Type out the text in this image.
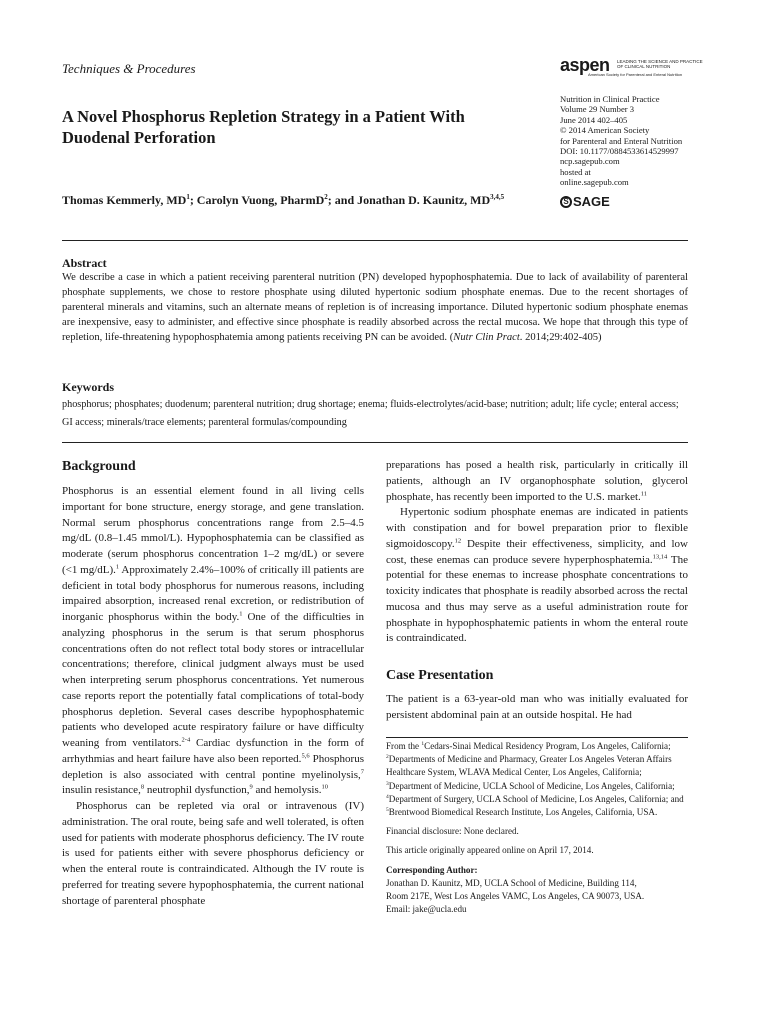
Techniques & Procedures	aspen	LEADING THE SCIENCE AND PRACTICE OF CLINICAL NUTRITION
American Society for Parenteral and Enteral Nutrition
A Novel Phosphorus Repletion Strategy in a Patient With Duodenal Perforation
Thomas Kemmerly, $MD^1$; Carolyn Vuong, PharmD$^2$; and Jonathan D. Kaunitz, MD$^{3,4,5}$
Nutrition in Clinical Practice
Volume 29 Number 3
June 2014 402–405
© 2014 American Society
for Parenteral and Enteral Nutrition
DOI: 10.1177/0884533614529997
ncp.sagepub.com
hosted at
online.sagepub.com
S SAGE
Abstract
We describe a case in which a patient receiving parenteral nutrition (PN) developed hypophosphatemia. Due to lack of availability of parenteral phosphate supplements, we chose to restore phosphate using diluted hypertonic sodium phosphate enemas. Due to the recent shortages of parenteral minerals and vitamins, such an alternate means of repletion is of increasing importance. Diluted hypertonic sodium phosphate enemas are inexpensive, easy to administer, and effective since phosphate is readily absorbed across the rectal mucosa. We hope that through this type of repletion, life-threatening hypophosphatemia among patients receiving PN can be avoided. (Nutr Clin Pract. 2014;29:402-405)
Keywords
phosphorus; phosphates; duodenum; parenteral nutrition; drug shortage; enema; fluids-electrolytes/acid-base; nutrition; adult; life cycle; enteral access; GI access; minerals/trace elements; parenteral formulas/compounding
Background

Phosphorus is an essential element found in all living cells important for bone structure, energy storage, and gene translation. Normal serum phosphorus concentrations range from 2.5–4.5 mg/dL (0.8–1.45 mmol/L). Hypophosphatemia can be classified as moderate (serum phosphorus concentration 1–2 mg/dL) or severe (<1 mg/dL).$^1$ Approximately 2.4%–100% of critically ill patients are deficient in total body phosphorus for numerous reasons, including impaired absorption, increased renal excretion, or redistribution of inorganic phosphorus within the body.$^1$ One of the difficulties in analyzing phosphorus in the serum is that serum phosphorus concentrations often do not reflect total body stores or intracellular concentrations; therefore, clinical judgment always must be used when interpreting serum phosphorus concentrations. Yet numerous case reports report the potentially fatal complications of total-body phosphorus depletion. Several cases describe hypophosphatemic patients who developed acute respiratory failure or have difficulty weaning from ventilators.$^{2-4}$ Cardiac dysfunction in the form of arrhythmias and heart failure have also been reported.$^{5,6}$ Phosphorus depletion is also associated with central pontine myelinolysis,$^7$ insulin resistance,$^8$ neutrophil dysfunction,$^9$ and hemolysis.$^{10}$

Phosphorus can be repleted via oral or intravenous (IV) administration. The oral route, being safe and well tolerated, is often used for patients with moderate phosphorus deficiency. The IV route is used for patients either with severe phosphorus deficiency or when the enteral route is contraindicated. Although the IV route is preferred for treating severe hypophosphatemia, the current national shortage of parenteral phosphate

preparations has posed a health risk, particularly in critically ill patients, although an IV organophosphate solution, glycerol phosphate, has recently been imported to the U.S. market.$^{11}$

Hypertonic sodium phosphate enemas are indicated in patients with constipation and for bowel preparation prior to flexible sigmoidoscopy.$^{12}$ Despite their effectiveness, simplicity, and low cost, these enemas can produce severe hyperphosphatemia.$^{13,14}$ The potential for these enemas to increase phosphate concentrations to toxicity indicates that phosphate is readily absorbed across the rectal mucosa and thus may serve as a useful administration route for phosphate in hypophosphatemic patients in whom the enteral route is contraindicated.

Case Presentation

The patient is a 63-year-old man who was initially evaluated for persistent abdominal pain at an outside hospital. He had

From the $^1$Cedars-Sinai Medical Residency Program, Los Angeles, California; $^2$Departments of Medicine and Pharmacy, Greater Los Angeles Veteran Affairs Healthcare System, WLAVA Medical Center, Los Angeles, California; $^3$Department of Medicine, UCLA School of Medicine, Los Angeles, California; $^4$Department of Surgery, UCLA School of Medicine, Los Angeles, California; and $^5$Brentwood Biomedical Research Institute, Los Angeles, California, USA.

Financial disclosure: None declared.

This article originally appeared online on April 17, 2014.

Corresponding Author:

Jonathan D. Kaunitz, MD, UCLA School of Medicine, Building 114,
Room 217E, West Los Angeles VAMC, Los Angeles, CA 90073, USA.
Email: jake@ucla.edu
